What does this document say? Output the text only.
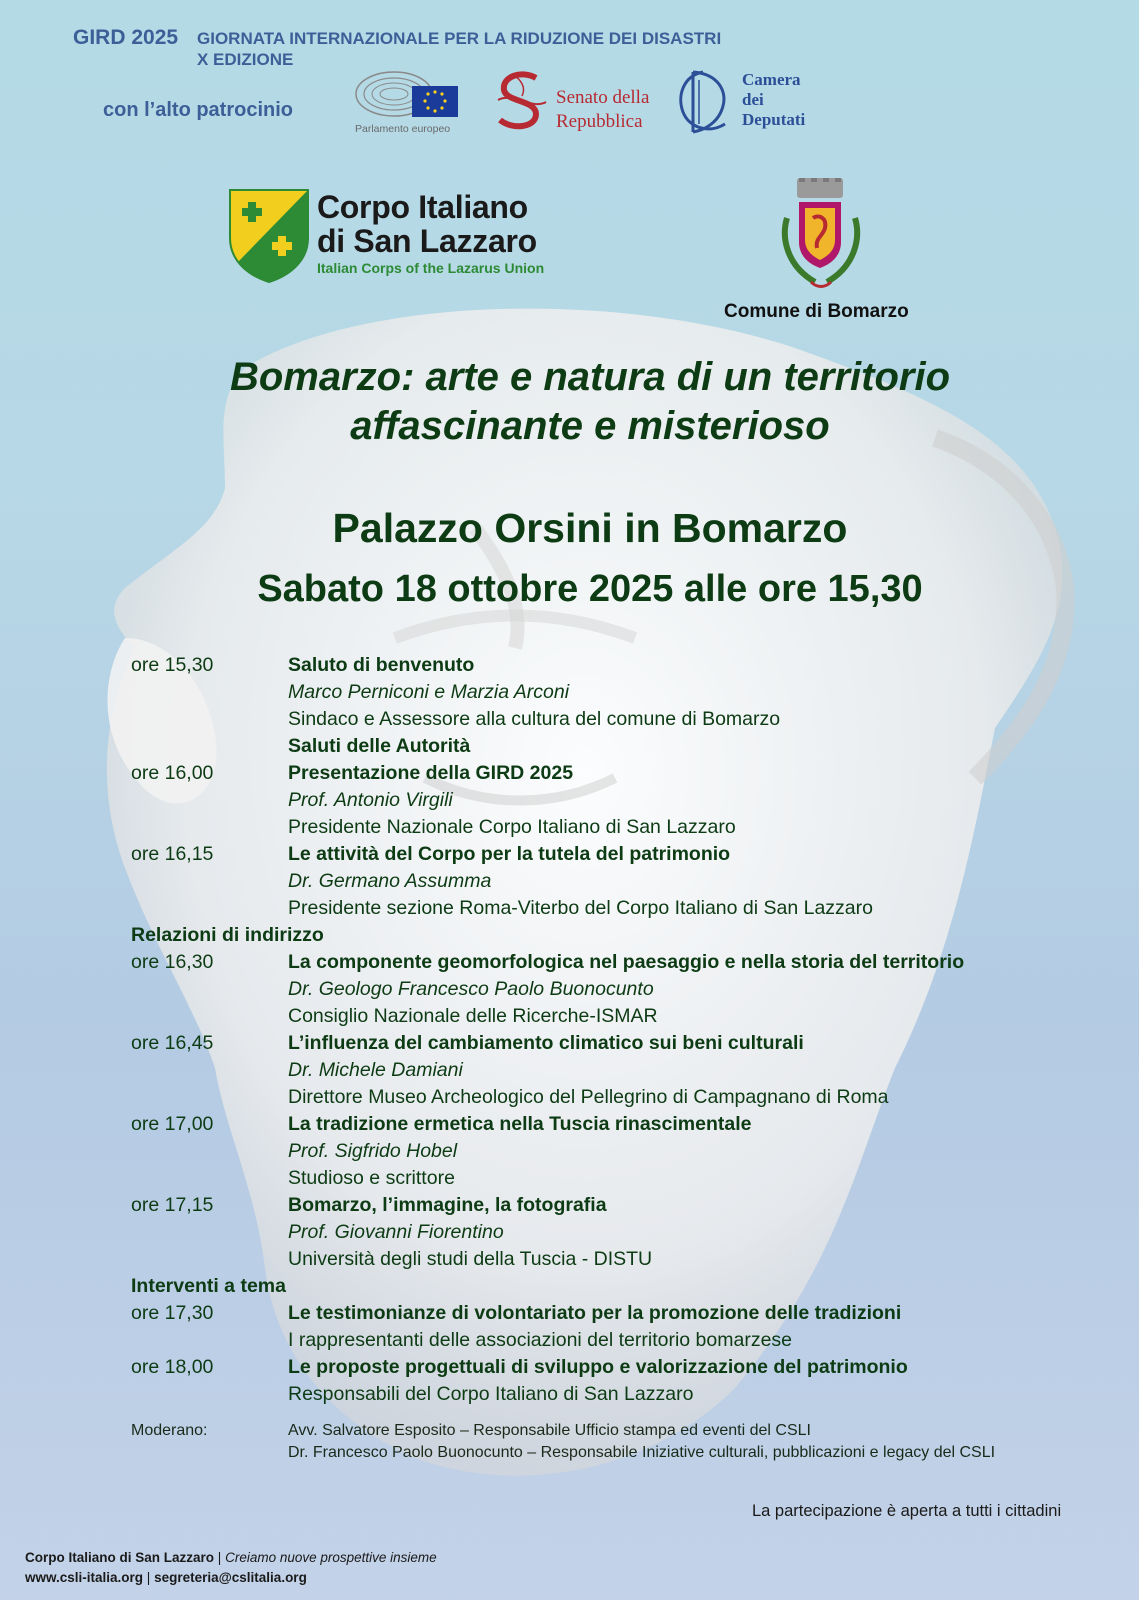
GIRD 2025 GIORNATA INTERNAZIONALE PER LA RIDUZIONE DEI DISASTRI
X EDIZIONE
con l’alto patrocinio
Parlamento europeo
Senato della
Repubblica
Camera
dei
Deputati
Corpo Italiano
di San Lazzaro
Italian Corps of the Lazarus Union
Comune di Bomarzo
Bomarzo: arte e natura di un territorio
affascinante e misterioso
Palazzo Orsini in Bomarzo
Sabato 18 ottobre 2025 alle ore 15,30
ore 15,30	Saluto di benvenuto
Marco Perniconi e Marzia Arconi
Sindaco e Assessore alla cultura del comune di Bomarzo
Saluti delle Autorità
ore 16,00	Presentazione della GIRD 2025
Prof. Antonio Virgili
Presidente Nazionale Corpo Italiano di San Lazzaro
ore 16,15	Le attività del Corpo per la tutela del patrimonio
Dr. Germano Assumma
Presidente sezione Roma-Viterbo del Corpo Italiano di San Lazzaro
Relazioni di indirizzo
ore 16,30	La componente geomorfologica nel paesaggio e nella storia del territorio
Dr. Geologo Francesco Paolo Buonocunto
Consiglio Nazionale delle Ricerche-ISMAR
ore 16,45	L’influenza del cambiamento climatico sui beni culturali
Dr. Michele Damiani
Direttore Museo Archeologico del Pellegrino di Campagnano di Roma
ore 17,00	La tradizione ermetica nella Tuscia rinascimentale
Prof. Sigfrido Hobel
Studioso e scrittore
ore 17,15	Bomarzo, l’immagine, la fotografia
Prof. Giovanni Fiorentino
Università degli studi della Tuscia - DISTU
Interventi a tema
ore 17,30	Le testimonianze di volontariato per la promozione delle tradizioni
I rappresentanti delle associazioni del territorio bomarzese
ore 18,00	Le proposte progettuali di sviluppo e valorizzazione del patrimonio
Responsabili del Corpo Italiano di San Lazzaro
Moderano:	Avv. Salvatore Esposito – Responsabile Ufficio stampa ed eventi del CSLI
Dr. Francesco Paolo Buonocunto – Responsabile Iniziative culturali, pubblicazioni e legacy del CSLI
La partecipazione è aperta a tutti i cittadini
Corpo Italiano di San Lazzaro | Creiamo nuove prospettive insieme
www.csli-italia.org | segreteria@cslitalia.org
